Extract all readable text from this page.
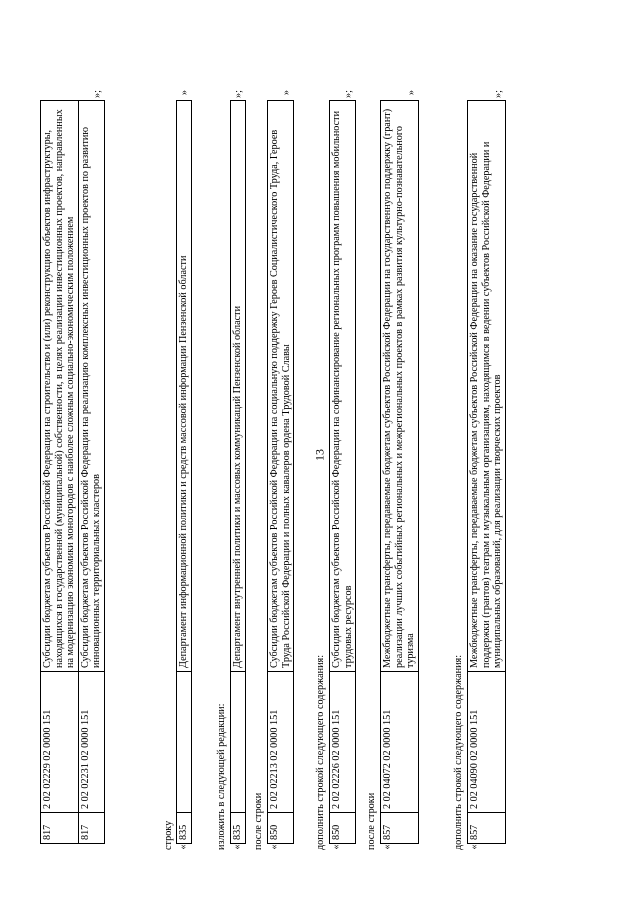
13
	817	2 02 02229 02 0000 151	Субсидии бюджетам субъектов Российской Федерации на строительство и (или) реконструкцию объектов инфраструктуры, находящихся в государственной (муниципальной) собственности, в целях реализации инвестиционных проектов, направленных на модернизацию экономики моногородов с наиболее сложным социально-экономическим положением	
	817	2 02 02231 02 0000 151	Субсидии бюджетам субъектов Российской Федерации на реализацию комплексных инвестиционных проектов по развитию инновационных территориальных кластеров	»;
строку «	835		Департамент информационной политики и средств массовой информации Пензенской области	»
изложить в следующей редакции: «	835		Департамент внутренней политики и массовых коммуникаций Пензенской области	»;
после строки «	850	2 02 02213 02 0000 151	Субсидии бюджетам субъектов Российской Федерации на социальную поддержку Героев Социалистического Труда, Героев Труда Российской Федерации и полных кавалеров ордена Трудовой Славы	»
дополнить строкой следующего содержания: «	850	2 02 02226 02 0000 151	Субсидии бюджетам субъектов Российской Федерации на софинансирование региональных программ повышения мобильности трудовых ресурсов	»;
после строки «	857	2 02 04072 02 0000 151	Межбюджетные трансферты, передаваемые бюджетам субъектов Российской Федерации на государственную поддержку (грант) реализации лучших событийных региональных и межрегиональных проектов в рамках развития культурно-познавательного туризма	»
дополнить строкой следующего содержания: «	857	2 02 04090 02 0000 151	Межбюджетные трансферты, передаваемые бюджетам субъектов Российской Федерации на оказание государственной поддержки (грантов) театрам и музыкальным организациям, находящимся в ведении субъектов Российской Федерации и муниципальных образований, для реализации творческих проектов	»;
